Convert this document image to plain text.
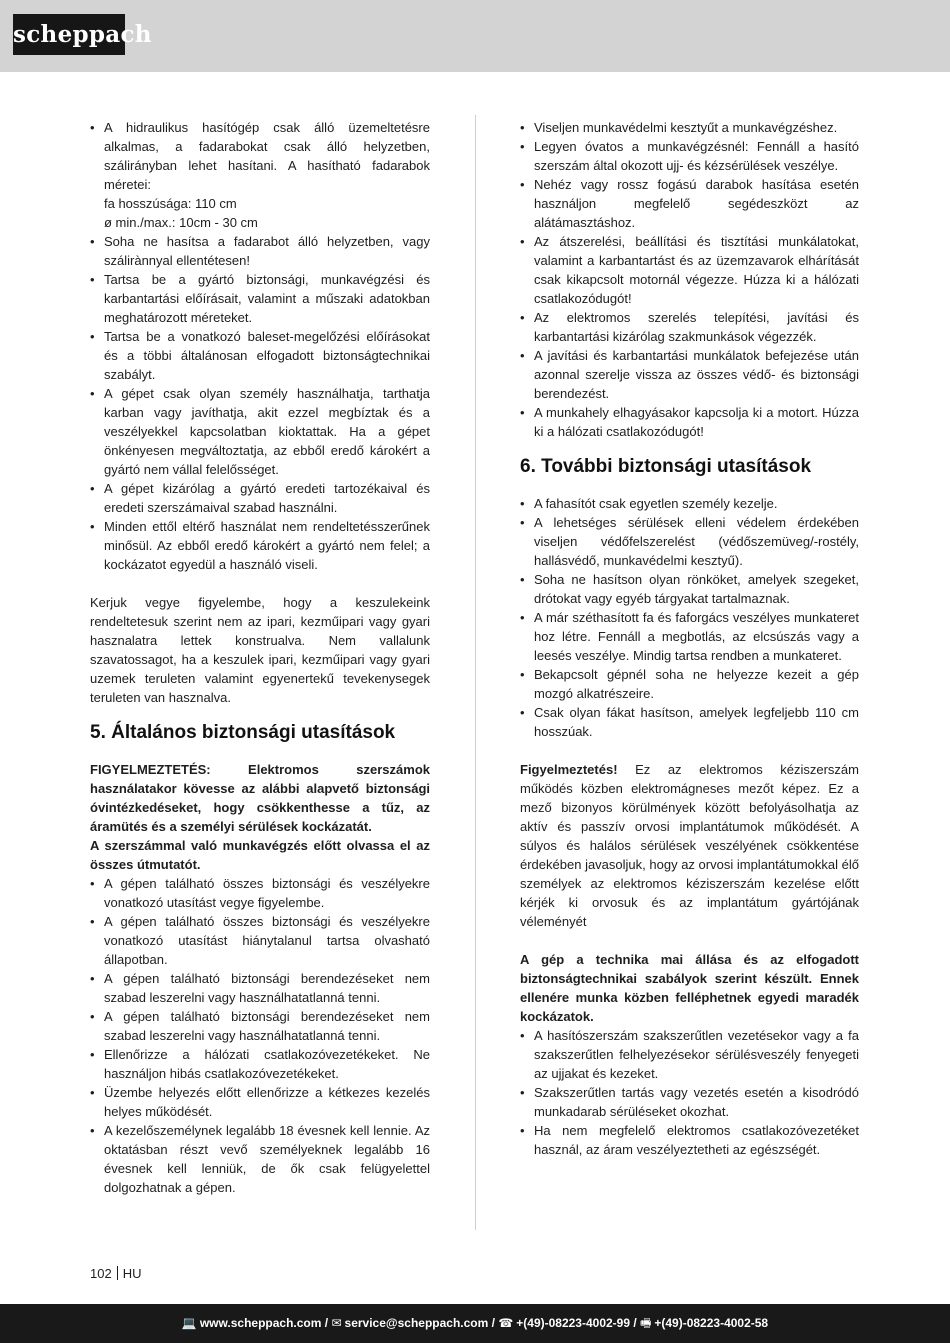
scheppach
• A hidraulikus hasítógép csak álló üzemeltetésre alkalmas, a fadarabokat csak álló helyzetben, szálirányban lehet hasítani. A hasítható fadarabok méretei:
fa hosszúsága: 110 cm
ø min./max.: 10cm - 30 cm
• Soha ne hasítsa a fadarabot álló helyzetben, vagy szálirànnyal ellentétesen!
• Tartsa be a gyártó biztonsági, munkavégzési és karbantartási előírásait, valamint a műszaki adatokban meghatározott méreteket.
• Tartsa be a vonatkozó baleset-megelőzési előírásokat és a többi általánosan elfogadott biztonságtechnikai szabályt.
• A gépet csak olyan személy használhatja, tarthatja karban vagy javíthatja, akit ezzel megbíztak és a veszélyekkel kapcsolatban kioktattak. Ha a gépet önkényesen megváltoztatja, az ebből eredő károkért a gyártó nem vállal felelősséget.
• A gépet kizárólag a gyártó eredeti tartozékaival és eredeti szerszámaival szabad használni.
• Minden ettől eltérő használat nem rendeltetésszerűnek minősül. Az ebből eredő károkért a gyártó nem felel; a kockázatot egyedül a használó viseli.

Kerjuk vegye figyelembe, hogy a keszulekeink rendeltetesuk szerint nem az ipari, kezműipari vagy gyari hasznalatra lettek konstrualva. Nem vallalunk szavatossagot, ha a keszulek ipari, kezműipari vagy gyari uzemek teruleten valamint egyenertekű tevekenysegek teruleten van hasznalva.

5. Általános biztonsági utasítások

FIGYELMEZTETÉS: Elektromos szerszámok használatakor kövesse az alábbi alapvető biztonsági óvintézkedéseket, hogy csökkenthesse a tűz, az áramütés és a személyi sérülések kockázatát.

A szerszámmal való munkavégzés előtt olvassa el az összes útmutatót.

• A gépen található összes biztonsági és veszélyekre vonatkozó utasítást vegye figyelembe.
• A gépen található összes biztonsági és veszélyekre vonatkozó utasítást hiánytalanul tartsa olvasható állapotban.
• A gépen található biztonsági berendezéseket nem szabad leszerelni vagy használhatatlanná tenni.
• A gépen található biztonsági berendezéseket nem szabad leszerelni vagy használhatatlanná tenni.
• Ellenőrizze a hálózati csatlakozóvezetékeket. Ne használjon hibás csatlakozóvezetékeket.
• Üzembe helyezés előtt ellenőrizze a kétkezes kezelés helyes működését.
• A kezelőszemélynek legalább 18 évesnek kell lennie. Az oktatásban részt vevő személyeknek legalább 16 évesnek kell lenniük, de ők csak felügyelettel dolgozhatnak a gépen.
• Viseljen munkavédelmi kesztyűt a munkavégzéshez.
• Legyen óvatos a munkavégzésnél: Fennáll a hasító szerszám által okozott ujj- és kézsérülések veszélye.
• Nehéz vagy rossz fogású darabok hasítása esetén használjon megfelelő segédeszközt az alátámasztáshoz.
• Az átszerelési, beállítási és tisztítási munkálatokat, valamint a karbantartást és az üzemzavarok elhárítását csak kikapcsolt motornál végezze. Húzza ki a hálózati csatlakozódugót!
• Az elektromos szerelés telepítési, javítási és karbantartási kizárólag szakmunkások végezzék.
• A javítási és karbantartási munkálatok befejezése után azonnal szerelje vissza az összes védő- és biztonsági berendezést.
• A munkahely elhagyásakor kapcsolja ki a motort. Húzza ki a hálózati csatlakozódugót!
6. További biztonsági utasítások
• A fahasítót csak egyetlen személy kezelje.
• A lehetséges sérülések elleni védelem érdekében viseljen védőfelszerelést (védőszemüveg/-rostély, hallásvédő, munkavédelmi kesztyű).
• Soha ne hasítson olyan rönköket, amelyek szegeket, drótokat vagy egyéb tárgyakat tartalmaznak.
• A már széthasított fa és faforgács veszélyes munkateret hoz létre. Fennáll a megbotlás, az elcsúszás vagy a leesés veszélye. Mindig tartsa rendben a munkateret.
• Bekapcsolt gépnél soha ne helyezze kezeit a gép mozgó alkatrészeire.
• Csak olyan fákat hasítson, amelyek legfeljebb 110 cm hosszúak.

Figyelmeztetés! Ez az elektromos kéziszerszám működés közben elektromágneses mezőt képez. Ez a mező bizonyos körülmények között befolyásolhatja az aktív és passzív orvosi implantátumok működését. A súlyos és halálos sérülések veszélyének csökkentése érdekében javasoljuk, hogy az orvosi implantátumokkal élő személyek az elektromos kéziszerszám kezelése előtt kérjék ki orvosuk és az implantátum gyártójának véleményét

A gép a technika mai állása és az elfogadott biztonságtechnikai szabályok szerint készült. Ennek ellenére munka közben felléphetnek egyedi maradék kockázatok.

• A hasítószerszám szakszerűtlen vezetésekor vagy a fa szakszerűtlen felhelyezésekor sérülésveszély fenyegeti az ujjakat és kezeket.
• Szakszerűtlen tartás vagy vezetés esetén a kisodródó munkadarab sérüléseket okozhat.
• Ha nem megfelelő elektromos csatlakozóvezetéket használ, az áram veszélyeztetheti az egészségét.
102 HU
💻 www.scheppach.com / ✉ service@scheppach.com / ☎ +(49)-08223-4002-99 / 🖷 +(49)-08223-4002-58
